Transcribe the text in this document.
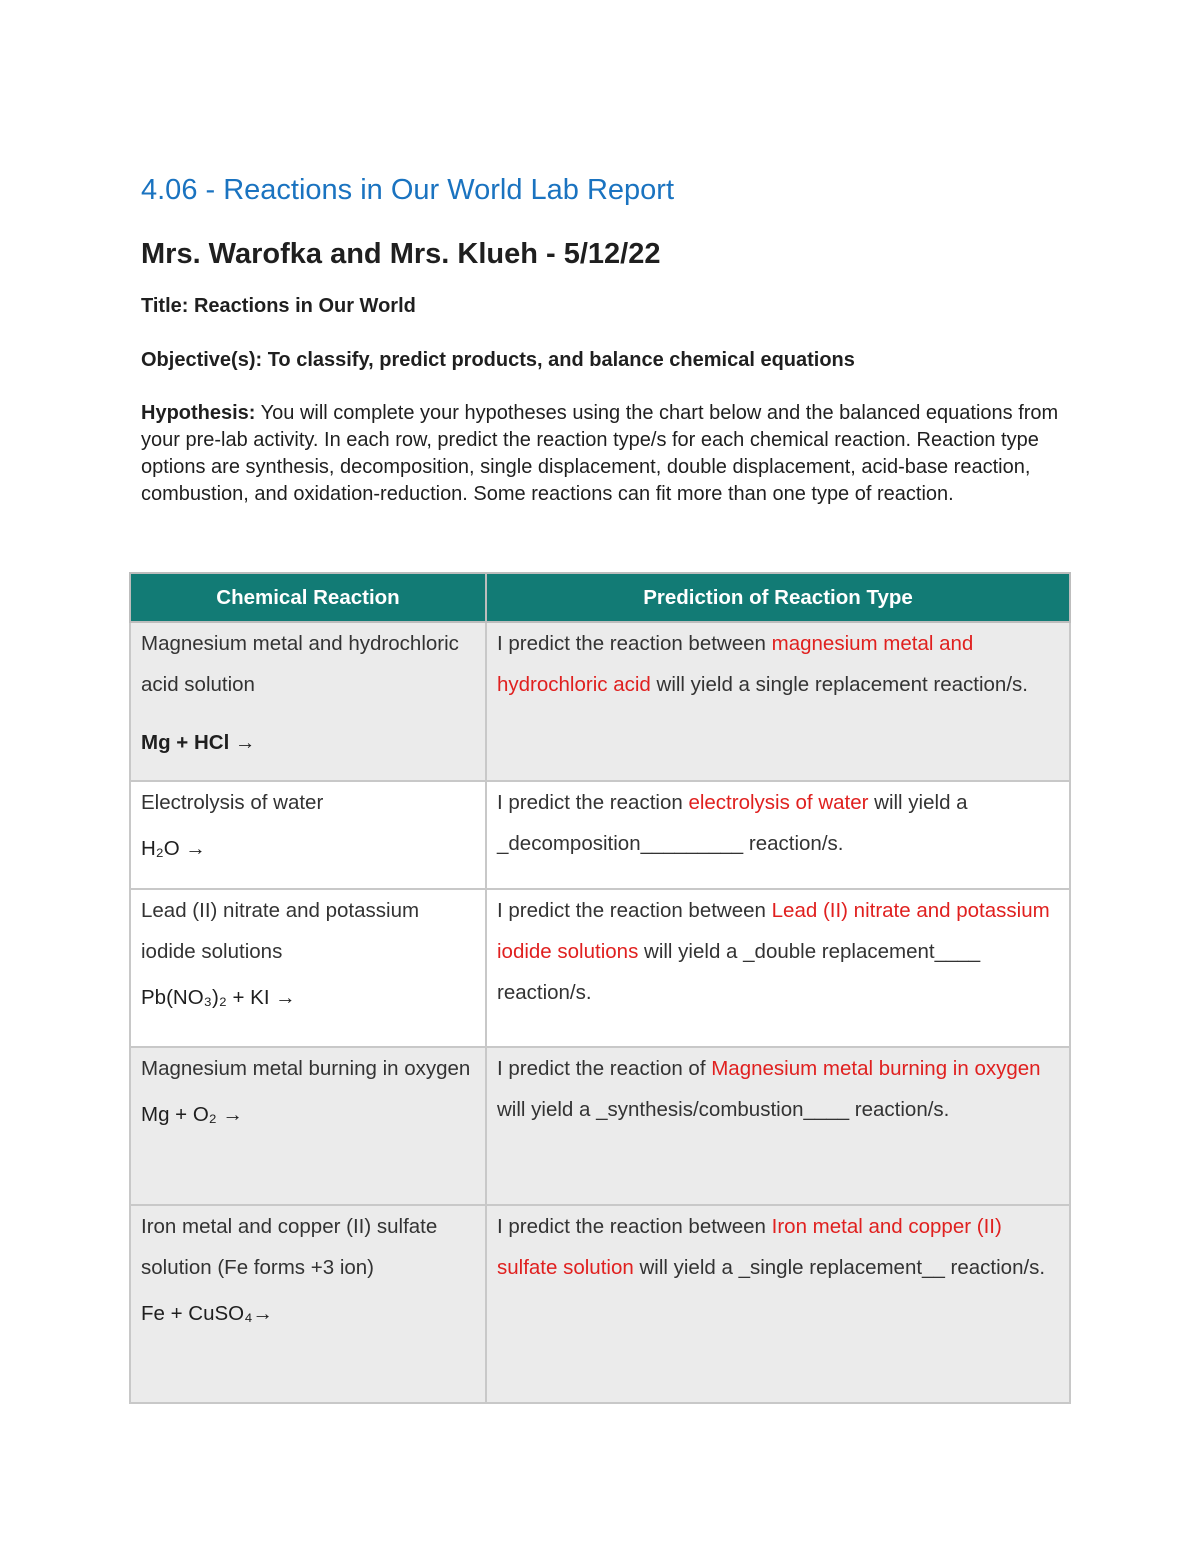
4.06 - Reactions in Our World Lab Report
Mrs. Warofka and Mrs. Klueh - 5/12/22

Title: Reactions in Our World

Objective(s): To classify, predict products, and balance chemical equations

Hypothesis: You will complete your hypotheses using the chart below and the balanced equations from your pre-lab activity. In each row, predict the reaction type/s for each chemical reaction. Reaction type options are synthesis, decomposition, single displacement, double displacement, acid-base reaction, combustion, and oxidation-reduction. Some reactions can fit more than one type of reaction.

Chemical Reaction	Prediction of Reaction Type
Magnesium metal and hydrochloric acid solution
Mg + HCl →	I predict the reaction between magnesium metal and hydrochloric acid will yield a single replacement reaction/s.
Electrolysis of water
H₂O →	I predict the reaction electrolysis of water will yield a _decomposition_________ reaction/s.
Lead (II) nitrate and potassium iodide solutions
Pb(NO₃)₂ + KI →	I predict the reaction between Lead (II) nitrate and potassium iodide solutions will yield a _double replacement____ reaction/s.
Magnesium metal burning in oxygen
Mg + O₂ →	I predict the reaction of Magnesium metal burning in oxygen will yield a _synthesis/combustion____ reaction/s.
Iron metal and copper (II) sulfate solution (Fe forms +3 ion)
Fe + CuSO₄→	I predict the reaction between Iron metal and copper (II) sulfate solution will yield a _single replacement__ reaction/s.
